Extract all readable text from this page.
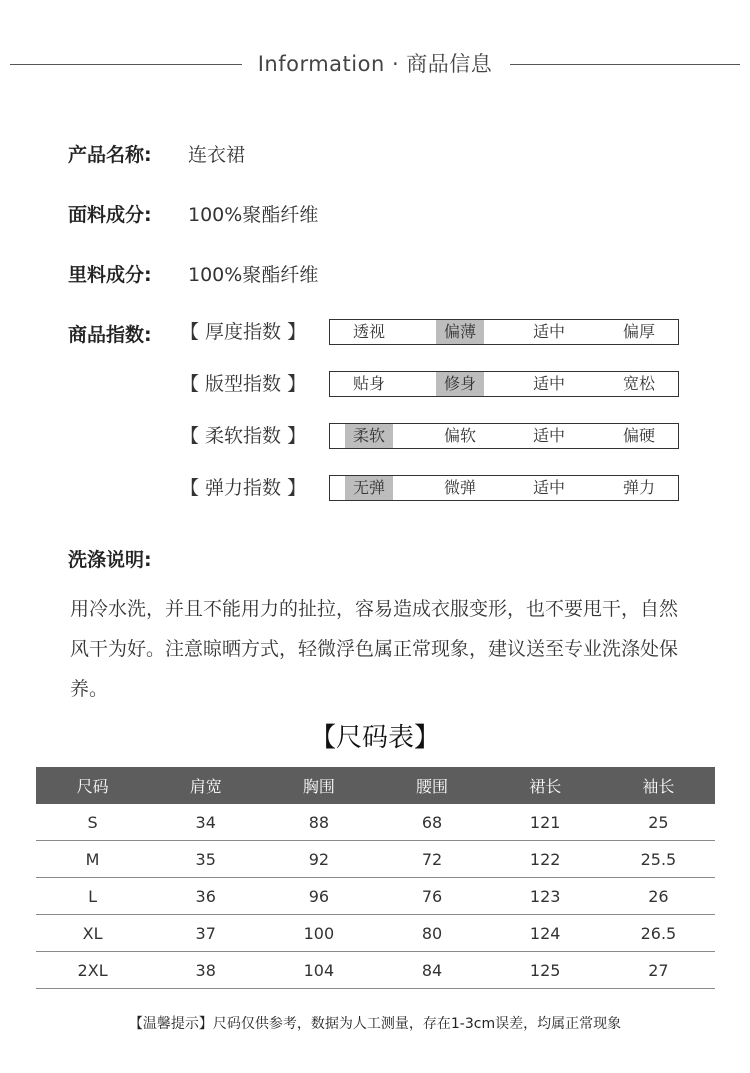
Information · 商品信息
产品名称: 连衣裙
面料成分: 100%聚酯纤维
里料成分: 100%聚酯纤维
商品指数: 【 厚度指数 】	透视	偏薄	适中	偏厚
【 版型指数 】	贴身	修身	适中	宽松
【 柔软指数 】	柔软	偏软	适中	偏硬
【 弹力指数 】	无弹	微弹	适中	弹力
洗涤说明:
用冷水洗，并且不能用力的扯拉，容易造成衣服变形，也不要甩干，自然风干为好。注意晾晒方式，轻微浮色属正常现象，建议送至专业洗涤处保养。
【尺码表】
尺码	肩宽	胸围	腰围	裙长	袖长
S	34	88	68	121	25
M	35	92	72	122	25.5
L	36	96	76	123	26
XL	37	100	80	124	26.5
2XL	38	104	84	125	27
【温馨提示】尺码仅供参考，数据为人工测量，存在1-3cm误差，均属正常现象
